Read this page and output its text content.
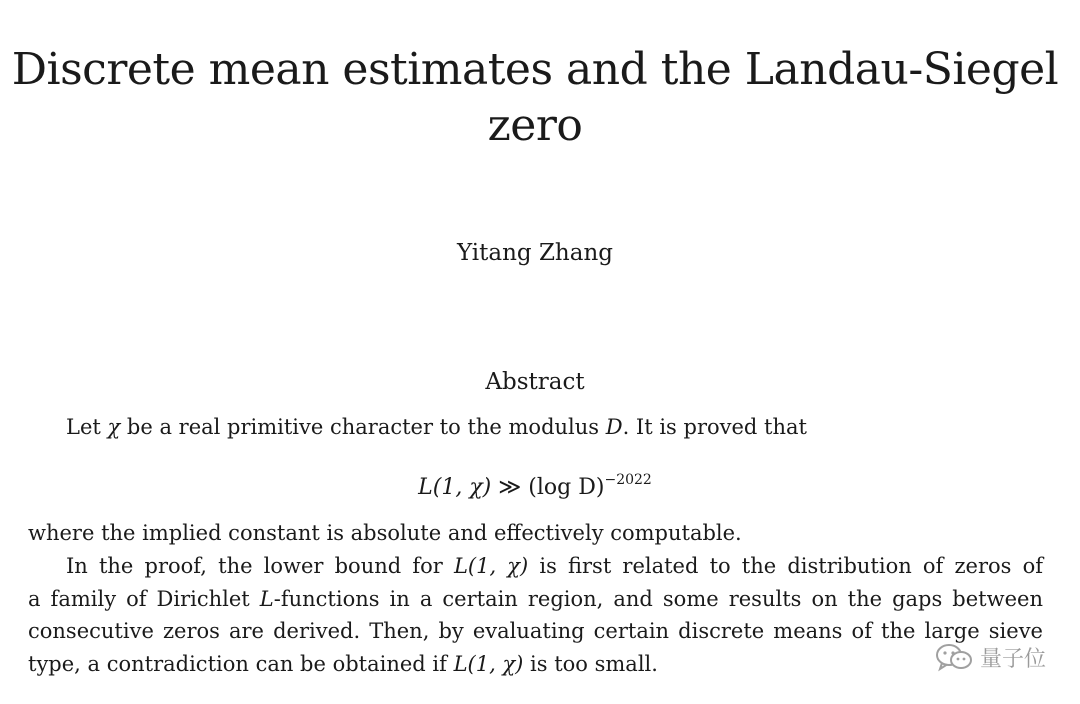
Discrete mean estimates and the Landau-Siegel zero

Yitang Zhang

Abstract

Let χ be a real primitive character to the modulus D. It is proved that

L(1, χ) ≫ (log D)$^{-2022}$

where the implied constant is absolute and effectively computable.

In the proof, the lower bound for L(1, χ) is first related to the distribution of zeros of
a family of Dirichlet L-functions in a certain region, and some results on the gaps between
consecutive zeros are derived. Then, by evaluating certain discrete means of the large sieve
type, a contradiction can be obtained if L(1, χ) is too small.	量子位
